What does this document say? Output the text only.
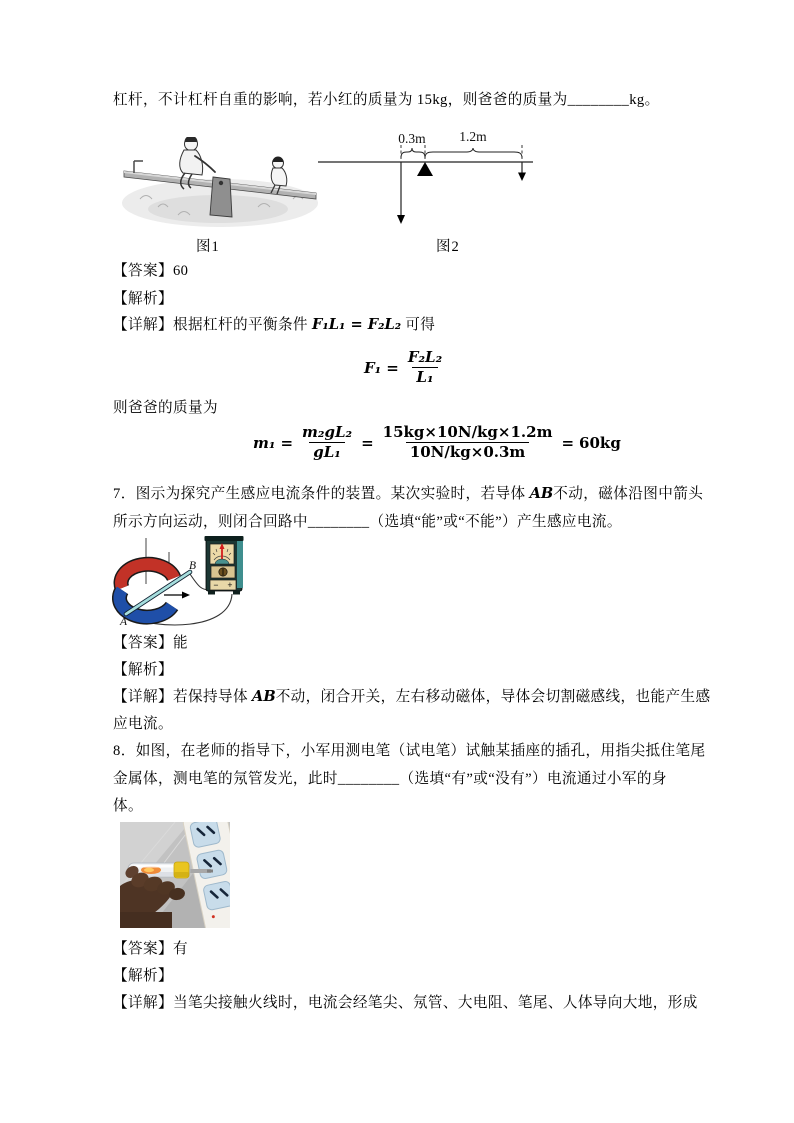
杠杆，不计杠杆自重的影响，若小红的质量为 15kg，则爸爸的质量为________kg。
0.3m 1.2m
图1	图2
【答案】60
【解析】
【详解】根据杠杆的平衡条件 F₁L₁ = F₂L₂ 可得
$F_1 = \frac{\text{F₂L₂}}{\text{L₁}}$
则爸爸的质量为
$m_1 = \frac{\text{m₂gL₂}}{\text{gL₁}} = \frac{15kg\times 10N/kg\times 1.2m}{10N/kg\times 0.3m} = 60kg$
7．图示为探究产生感应电流条件的装置。某次实验时，若导体 AB不动，磁体沿图中箭头
所示方向运动，则闭合回路中________（选填“能”或“不能”）产生感应电流。
− +
A
B
【答案】能
【解析】
【详解】若保持导体 AB不动，闭合开关，左右移动磁体，导体会切割磁感线，也能产生感
应电流。
8．如图，在老师的指导下，小军用测电笔（试电笔）试触某插座的插孔，用指尖抵住笔尾
金属体，测电笔的氖管发光，此时________（选填“有”或“没有”）电流通过小军的身
体。
【答案】有
【解析】
【详解】当笔尖接触火线时，电流会经笔尖、氖管、大电阻、笔尾、人体导向大地，形成
